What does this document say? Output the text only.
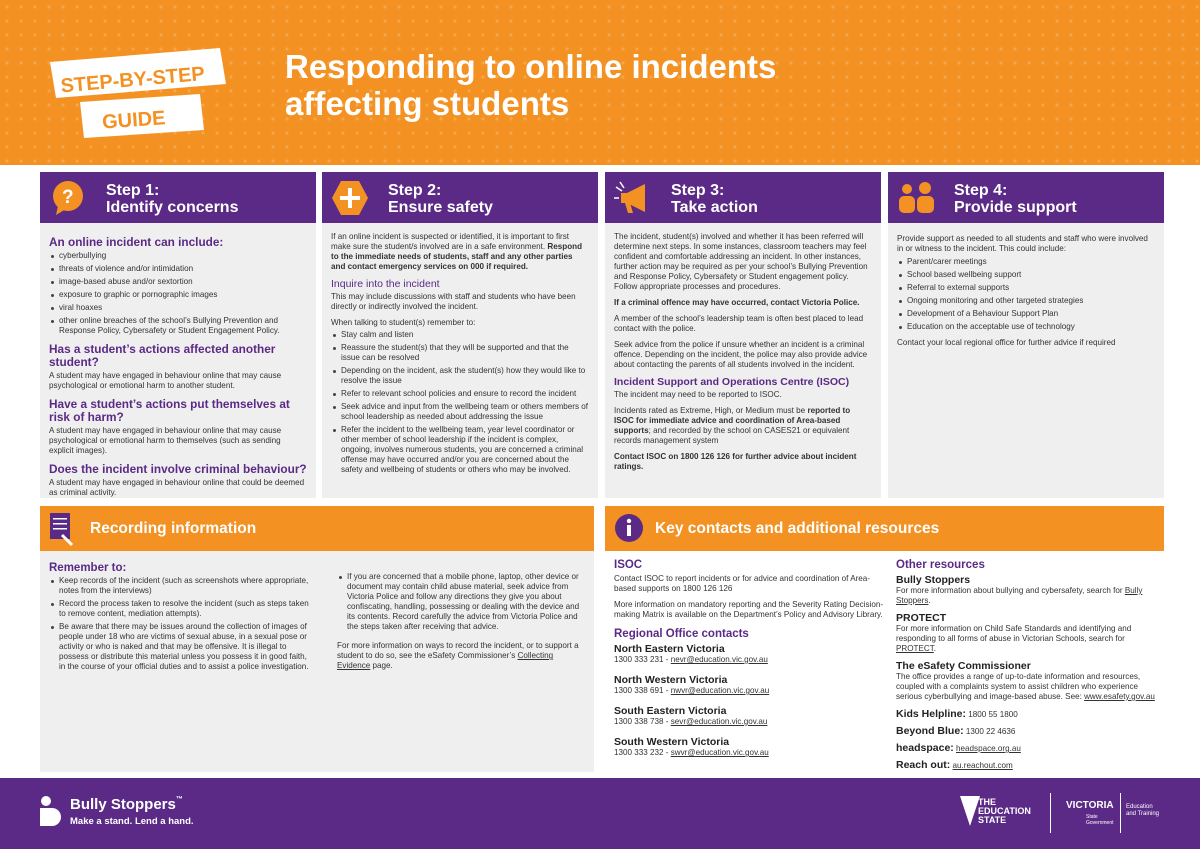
STEP-BY-STEP
GUIDE
Responding to online incidents
affecting students
? Step 1:
Identify concerns
An online incident can include:
cyberbullying
threats of violence and/or intimidation
image-based abuse and/or sextortion
exposure to graphic or pornographic images
viral hoaxes
other online breaches of the school’s Bullying Prevention and Response Policy, Cybersafety or Student Engagement Policy.
Has a student’s actions affected another student?

A student may have engaged in behaviour online that may cause psychological or emotional harm to another student.

Have a student’s actions put themselves at risk of harm?

A student may have engaged in behaviour online that may cause psychological or emotional harm to themselves (such as sending explicit images).

Does the incident involve criminal behaviour?

A student may have engaged in behaviour online that could be deemed as criminal activity.

Step 2:
Ensure safety

If an online incident is suspected or identified, it is important to first make sure the student/s involved are in a safe environment. Respond to the immediate needs of students, staff and any other parties and contact emergency services on 000 if required.

Inquire into the incident

This may include discussions with staff and students who have been directly or indirectly involved the incident.

When talking to student(s) remember to:

Stay calm and listen
Reassure the student(s) that they will be supported and that the issue can be resolved
Depending on the incident, ask the student(s) how they would like to resolve the issue
Refer to relevant school policies and ensure to record the incident
Seek advice and input from the wellbeing team or others members of school leadership as needed about addressing the issue
Refer the incident to the wellbeing team, year level coordinator or other member of school leadership if the incident is complex, ongoing, involves numerous students, you are concerned a criminal offense may have occurred and/or you are concerned about the safety and wellbeing of students or others who may be involved.
Step 3:
Take action

The incident, student(s) involved and whether it has been referred will determine next steps. In some instances, classroom teachers may feel confident and comfortable addressing an incident. In other instances, further action may be required as per your school’s Bullying Prevention and Response Policy, Cybersafety or Student engagement policy. Follow appropriate processes and procedures.

If a criminal offence may have occurred, contact Victoria Police.

A member of the school’s leadership team is often best placed to lead contact with the police.

Seek advice from the police if unsure whether an incident is a criminal offence. Depending on the incident, the police may also provide advice about contacting the parents of all students involved in the incident.

Incident Support and Operations Centre (ISOC)

The incident may need to be reported to ISOC.

Incidents rated as Extreme, High, or Medium must be reported to ISOC for immediate advice and coordination of Area-based supports; and recorded by the school on CASES21 or equivalent records management system

Contact ISOC on 1800 126 126 for further advice about incident ratings.

Step 4:
Provide support

Provide support as needed to all students and staff who were involved in or witness to the incident. This could include:

Parent/carer meetings
School based wellbeing support
Referral to external supports
Ongoing monitoring and other targeted strategies
Development of a Behaviour Support Plan
Education on the acceptable use of technology

Contact your local regional office for further advice if required

Recording information
Remember to:
Keep records of the incident (such as screenshots where appropriate, notes from the interviews)
Record the process taken to resolve the incident (such as steps taken to remove content, mediation attempts).
Be aware that there may be issues around the collection of images of people under 18 who are victims of sexual abuse, in a sexual pose or activity or who is naked and that may be offensive. It is illegal to possess or distribute this material unless you possess it in good faith, in the course of your official duties and to assist a police investigation.
If you are concerned that a mobile phone, laptop, other device or document may contain child abuse material, seek advice from Victoria Police and follow any directions they give you about confiscating, handling, possessing or dealing with the device and its contents. Record carefully the advice from Victoria Police and the steps taken after receiving that advice.

For more information on ways to record the incident, or to support a student to do so, see the eSafety Commissioner’s Collecting Evidence page.

Key contacts and additional resources
ISOC

Contact ISOC to report incidents or for advice and coordination of Area-based supports on 1800 126 126

More information on mandatory reporting and the Severity Rating Decision-making Matrix is available on the Department’s Policy and Advisory Library.

Regional Office contacts
North Eastern Victoria
1300 333 231 - nevr@education.vic.gov.au
North Western Victoria
1300 338 691 - nwvr@education.vic.gov.au
South Eastern Victoria
1300 338 738 - sevr@education.vic.gov.au
South Western Victoria
1300 333 232 - swvr@education.vic.gov.au
Other resources
Bully Stoppers

For more information about bullying and cybersafety, search for Bully Stoppers.

PROTECT

For more information on Child Safe Standards and identifying and responding to all forms of abuse in Victorian Schools, search for PROTECT.

The eSafety Commissioner

The office provides a range of up-to-date information and resources, coupled with a complaints system to assist children who experience serious cyberbullying and image-based abuse. See: www.esafety.gov.au

Kids Helpline: 1800 55 1800

Beyond Blue: 1300 22 4636

headspace: headspace.org.au

Reach out: au.reachout.com

Bully Stoppers™
Make a stand. Lend a hand.
THE
EDUCATION
STATE
VICTORIA
State
Government
Education
and Training
